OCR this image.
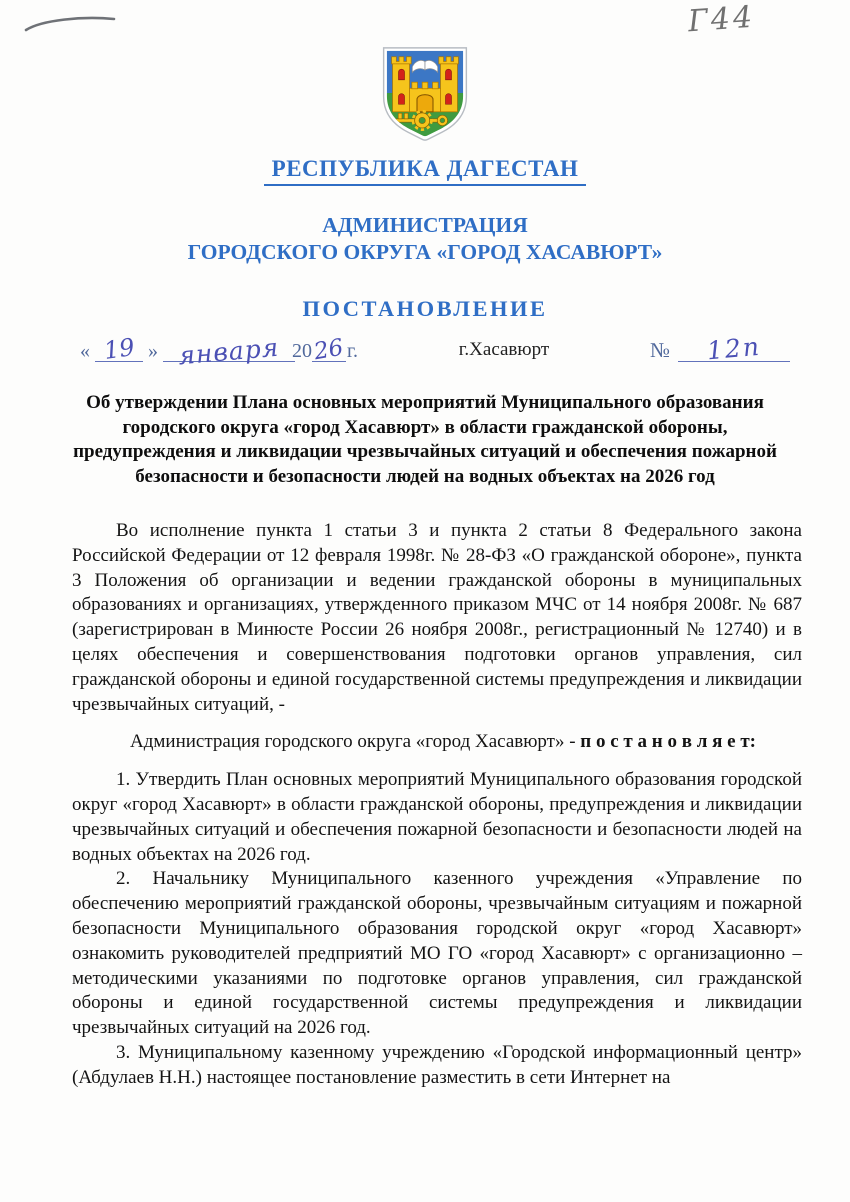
Г44
РЕСПУБЛИКА ДАГЕСТАН
АДМИНИСТРАЦИЯ
ГОРОДСКОГО ОКРУГА «ГОРОД ХАСАВЮРТ»
ПОСТАНОВЛЕНИЕ
« 19 » января 2026г.	г.Хасавюрт	№ 12п
Об утверждении Плана основных мероприятий Муниципального образования городского округа «город Хасавюрт» в области гражданской обороны, предупреждения и ликвидации чрезвычайных ситуаций и обеспечения пожарной безопасности и безопасности людей на водных объектах на 2026 год

Во исполнение пункта 1 статьи 3 и пункта 2 статьи 8 Федерального закона Российской Федерации от 12 февраля 1998г. № 28-ФЗ «О гражданской обороне», пункта 3 Положения об организации и ведении гражданской обороны в муниципальных образованиях и организациях, утвержденного приказом МЧС от 14 ноября 2008г. № 687 (зарегистрирован в Минюсте России 26 ноября 2008г., регистрационный № 12740) и в целях обеспечения и совершенствования подготовки органов управления, сил гражданской обороны и единой государственной системы предупреждения и ликвидации чрезвычайных ситуаций, -

Администрация городского округа «город Хасавюрт» - п о с т а н о в л я е т:

1. Утвердить План основных мероприятий Муниципального образования городской округ «город Хасавюрт» в области гражданской обороны, предупреждения и ликвидации чрезвычайных ситуаций и обеспечения пожарной безопасности и безопасности людей на водных объектах на 2026 год.

2. Начальнику Муниципального казенного учреждения «Управление по обеспечению мероприятий гражданской обороны, чрезвычайным ситуациям и пожарной безопасности Муниципального образования городской округ «город Хасавюрт» ознакомить руководителей предприятий МО ГО «город Хасавюрт» с организационно – методическими указаниями по подготовке органов управления, сил гражданской обороны и единой государственной системы предупреждения и ликвидации чрезвычайных ситуаций на 2026 год.

3. Муниципальному казенному учреждению «Городской информационный центр» (Абдулаев Н.Н.) настоящее постановление разместить в сети Интернет на
